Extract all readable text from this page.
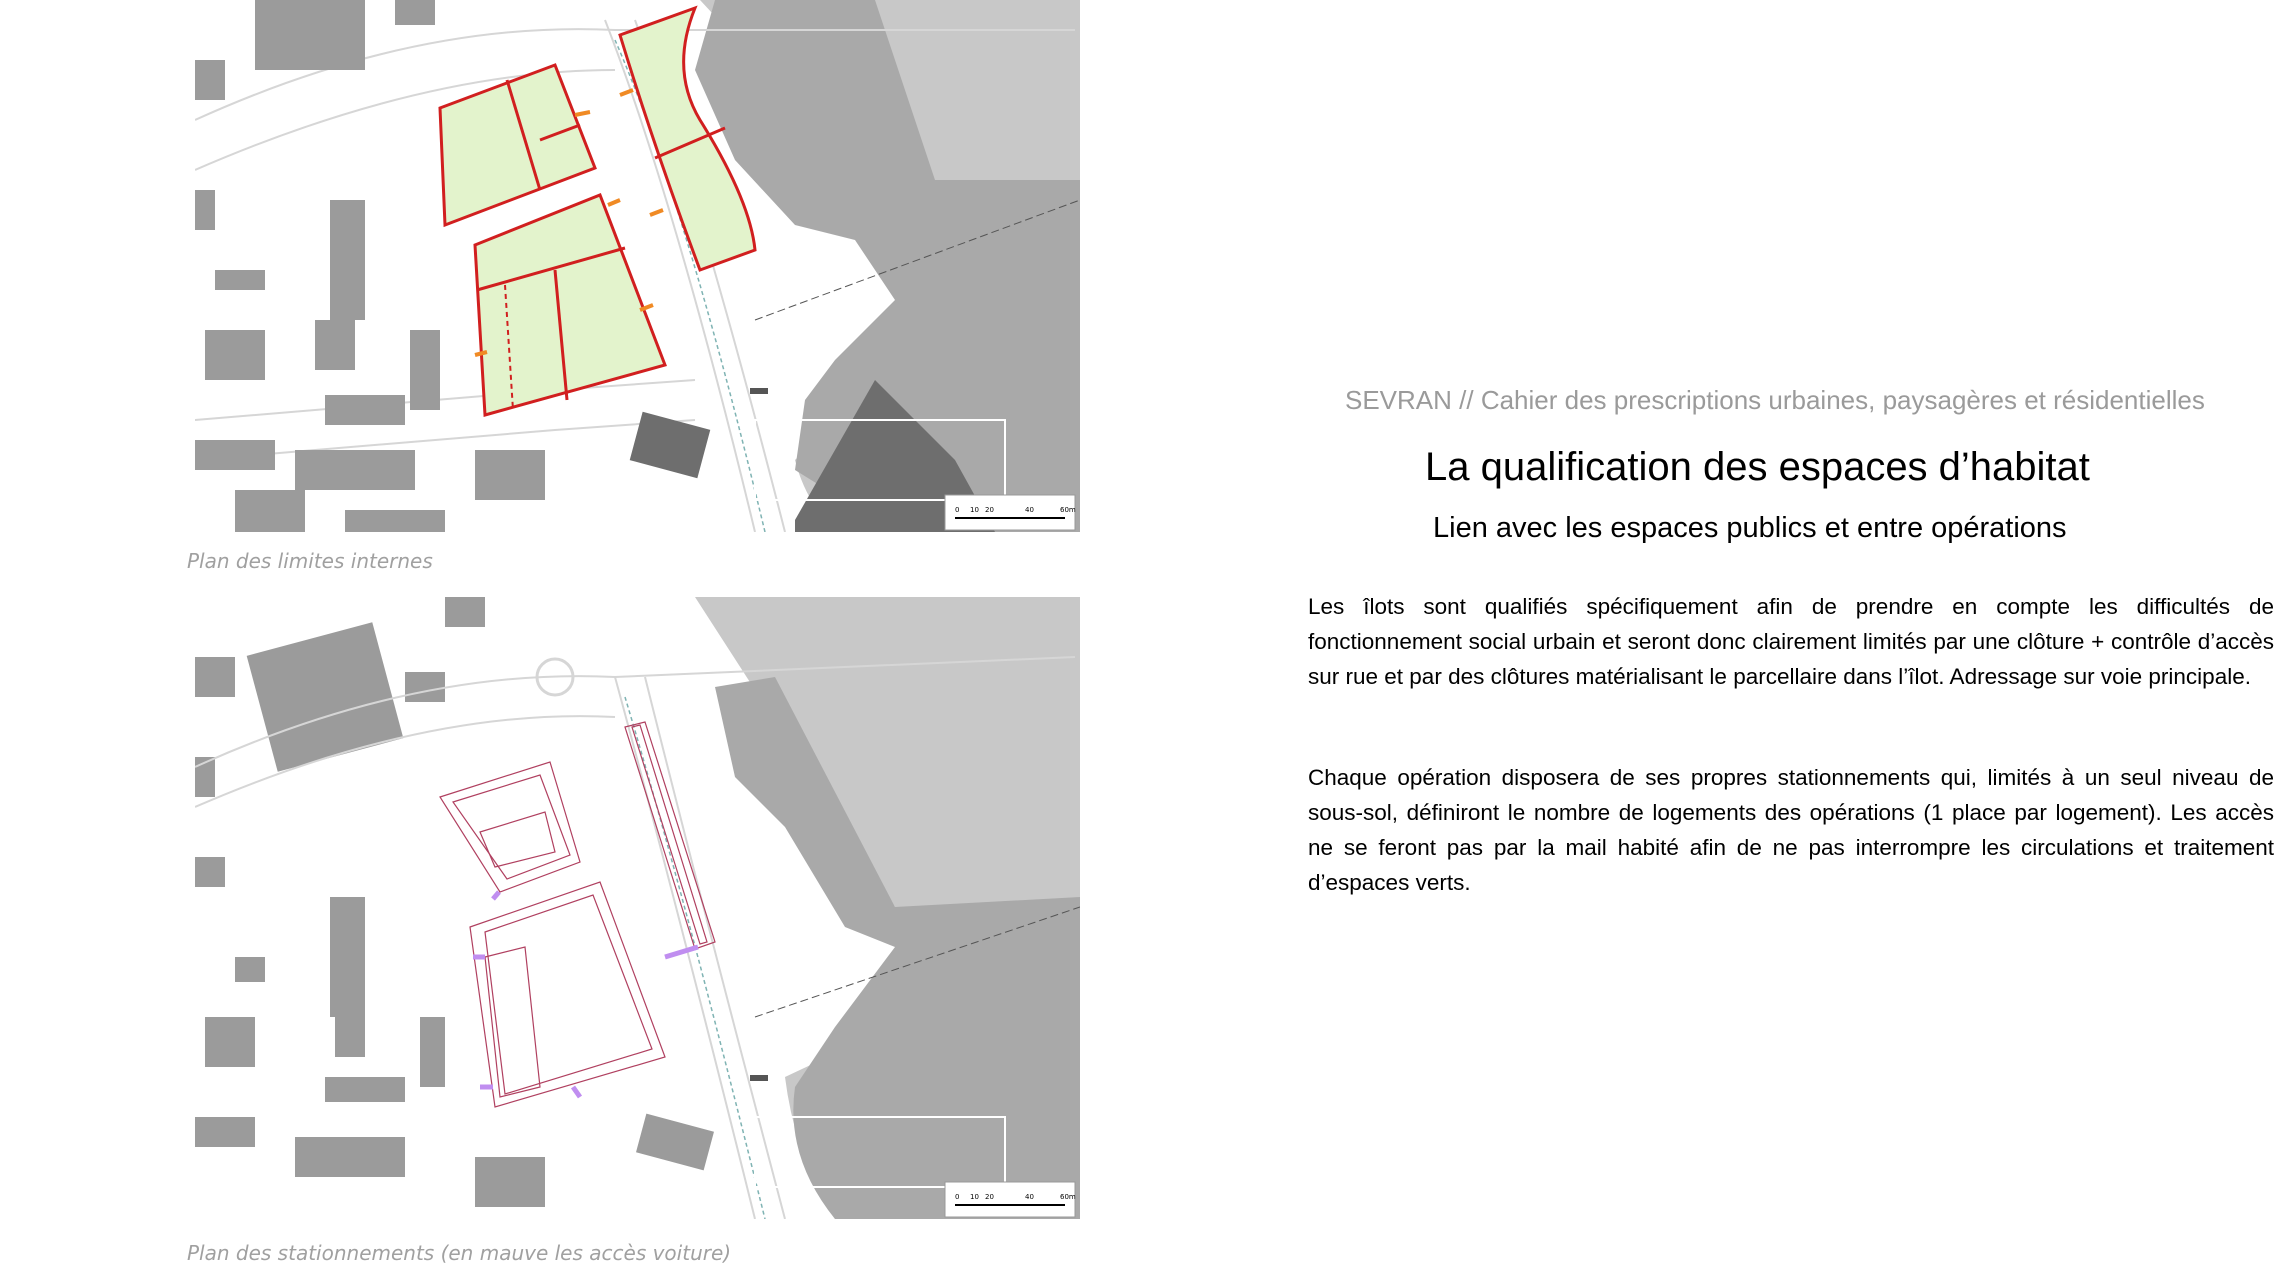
0 10 20	40	60m
Plan des limites internes
0 10 20	40	60m
Plan des stationnements (en mauve les accès voiture)
SEVRAN // Cahier des prescriptions urbaines, paysagères et résidentielles
La qualification des espaces d’habitat
Lien avec les espaces publics et entre opérations
Les îlots sont qualifiés spécifiquement afin de prendre en compte les difficultés de fonctionnement social urbain et seront donc clairement limités par une clôture + contrôle d’accès sur rue et par des clôtures matérialisant le parcellaire dans l’îlot. Adressage sur voie principale.
Chaque opération disposera de ses propres stationnements qui, limités à un seul niveau de sous-sol, définiront le nombre de logements des opérations (1 place par logement). Les accès ne se feront pas par la mail habité afin de ne pas interrompre les circulations et traitement d’espaces verts.
